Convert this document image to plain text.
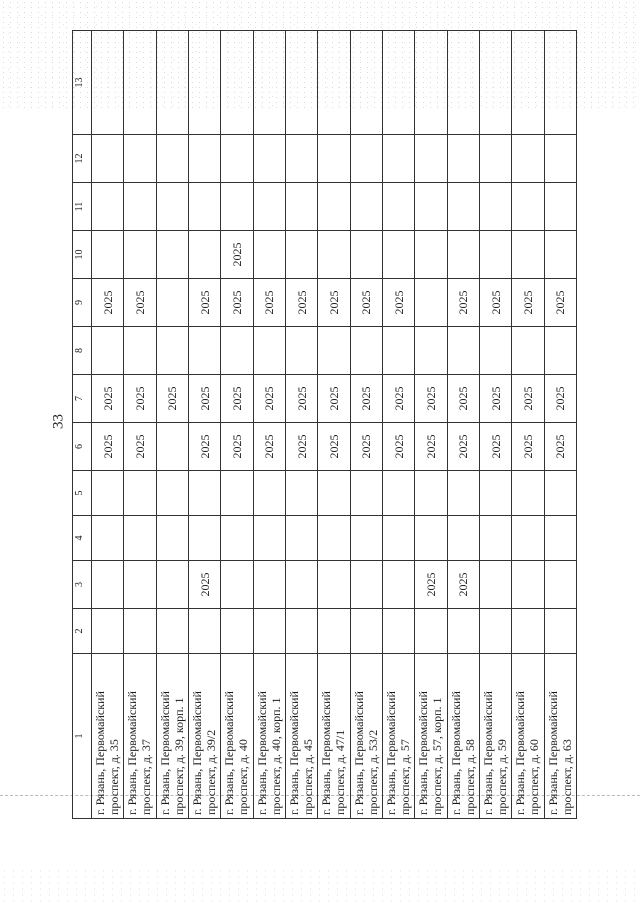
33
1	2	3	4	5	6	7	8	9	10	11	12	13
г. Рязань, Первомайский проспект, д. 35					2025	2025		2025				
г. Рязань, Первомайский проспект, д. 37					2025	2025		2025				
г. Рязань, Первомайский проспект, д. 39, корп. 1						2025						
г. Рязань, Первомайский проспект, д. 39/2		2025			2025	2025		2025				
г. Рязань, Первомайский проспект, д. 40					2025	2025		2025	2025			
г. Рязань, Первомайский проспект, д. 40, корп. 1					2025	2025		2025				
г. Рязань, Первомайский проспект, д. 45					2025	2025		2025				
г. Рязань, Первомайский проспект, д. 47/1					2025	2025		2025				
г. Рязань, Первомайский проспект, д. 53/2					2025	2025		2025				
г. Рязань, Первомайский проспект, д. 57					2025	2025		2025				
г. Рязань, Первомайский проспект, д. 57, корп. 1		2025			2025	2025						
г. Рязань, Первомайский проспект, д. 58		2025			2025	2025		2025				
г. Рязань, Первомайский проспект, д. 59					2025	2025		2025				
г. Рязань, Первомайский проспект, д. 60					2025	2025		2025				
г. Рязань, Первомайский проспект, д. 63					2025	2025		2025				
